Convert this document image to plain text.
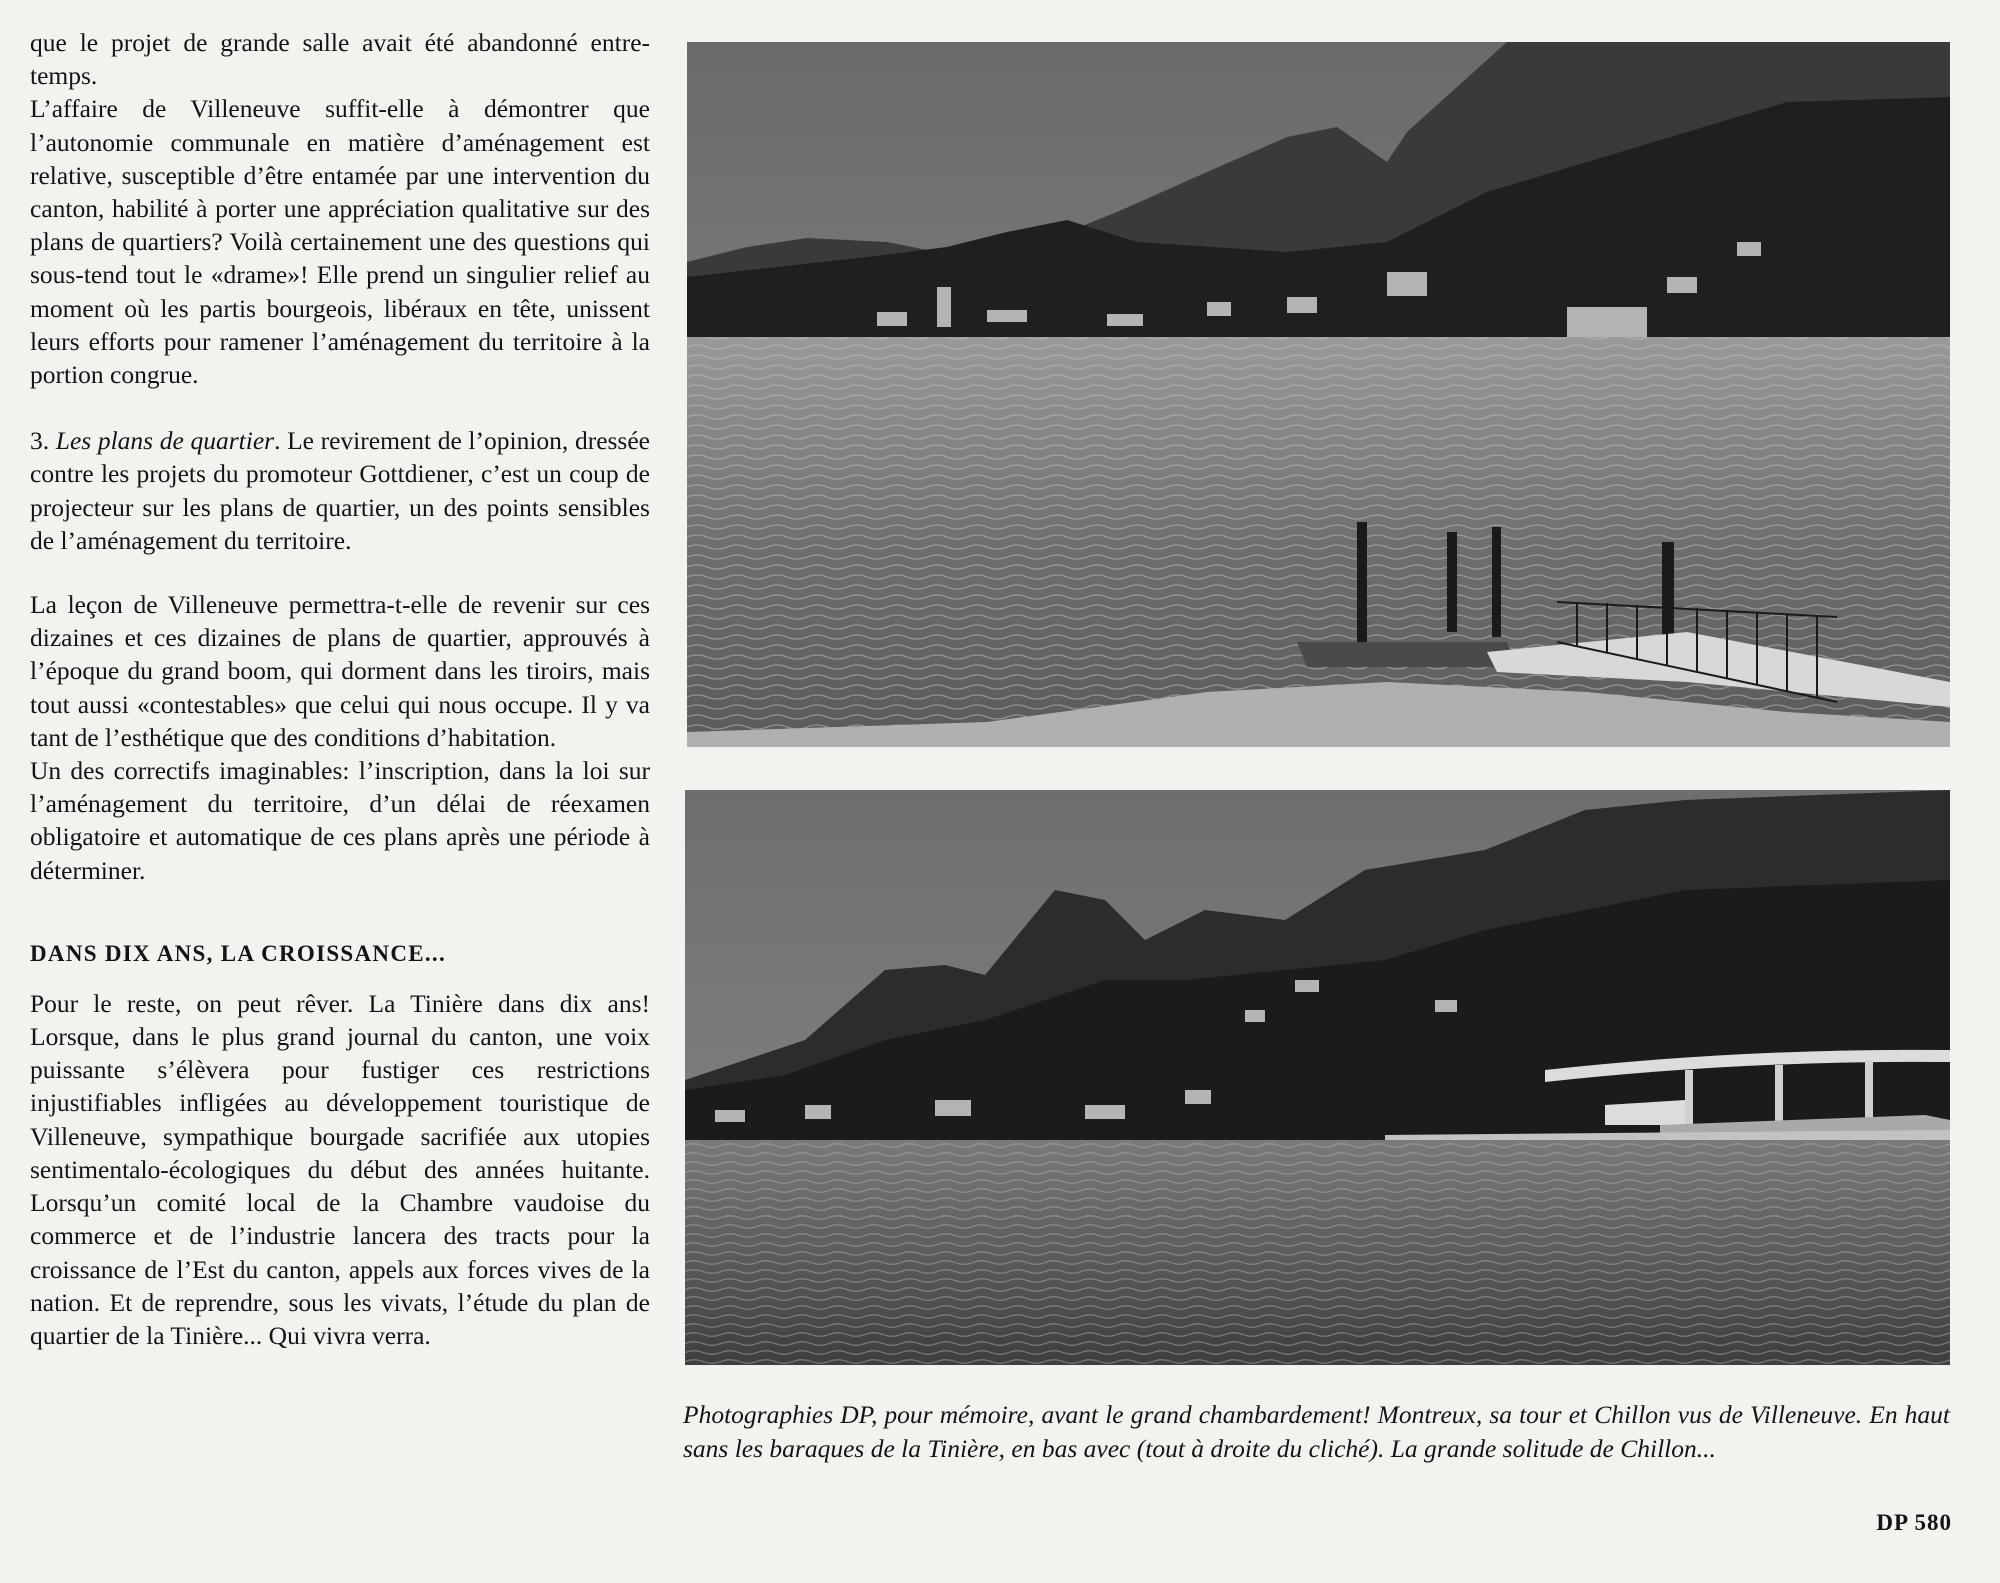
que le projet de grande salle avait été abandonné entre-temps.

L’affaire de Villeneuve suffit-elle à démontrer que l’autonomie communale en matière d’aménagement est relative, susceptible d’être entamée par une intervention du canton, habilité à porter une appréciation qualitative sur des plans de quartiers? Voilà certainement une des questions qui sous-tend tout le «drame»! Elle prend un singulier relief au moment où les partis bourgeois, libéraux en tête, unissent leurs efforts pour ramener l’aménagement du territoire à la portion congrue.

3. Les plans de quartier. Le revirement de l’opinion, dressée contre les projets du promoteur Gottdiener, c’est un coup de projecteur sur les plans de quartier, un des points sensibles de l’aménagement du territoire.

La leçon de Villeneuve permettra-t-elle de revenir sur ces dizaines et ces dizaines de plans de quartier, approuvés à l’époque du grand boom, qui dorment dans les tiroirs, mais tout aussi «contestables» que celui qui nous occupe. Il y va tant de l’esthétique que des conditions d’habitation.

Un des correctifs imaginables: l’inscription, dans la loi sur l’aménagement du territoire, d’un délai de réexamen obligatoire et automatique de ces plans après une période à déterminer.

DANS DIX ANS, LA CROISSANCE...

Pour le reste, on peut rêver. La Tinière dans dix ans! Lorsque, dans le plus grand journal du canton, une voix puissante s’élèvera pour fustiger ces restrictions injustifiables infligées au développement touristique de Villeneuve, sympathique bourgade sacrifiée aux utopies sentimentalo-écologiques du début des années huitante. Lorsqu’un comité local de la Chambre vaudoise du commerce et de l’industrie lancera des tracts pour la croissance de l’Est du canton, appels aux forces vives de la nation. Et de reprendre, sous les vivats, l’étude du plan de quartier de la Tinière... Qui vivra verra.

Photographies DP, pour mémoire, avant le grand chambardement! Montreux, sa tour et Chillon vus de Villeneuve. En haut sans les baraques de la Tinière, en bas avec (tout à droite du cliché). La grande solitude de Chillon...

DP 580
